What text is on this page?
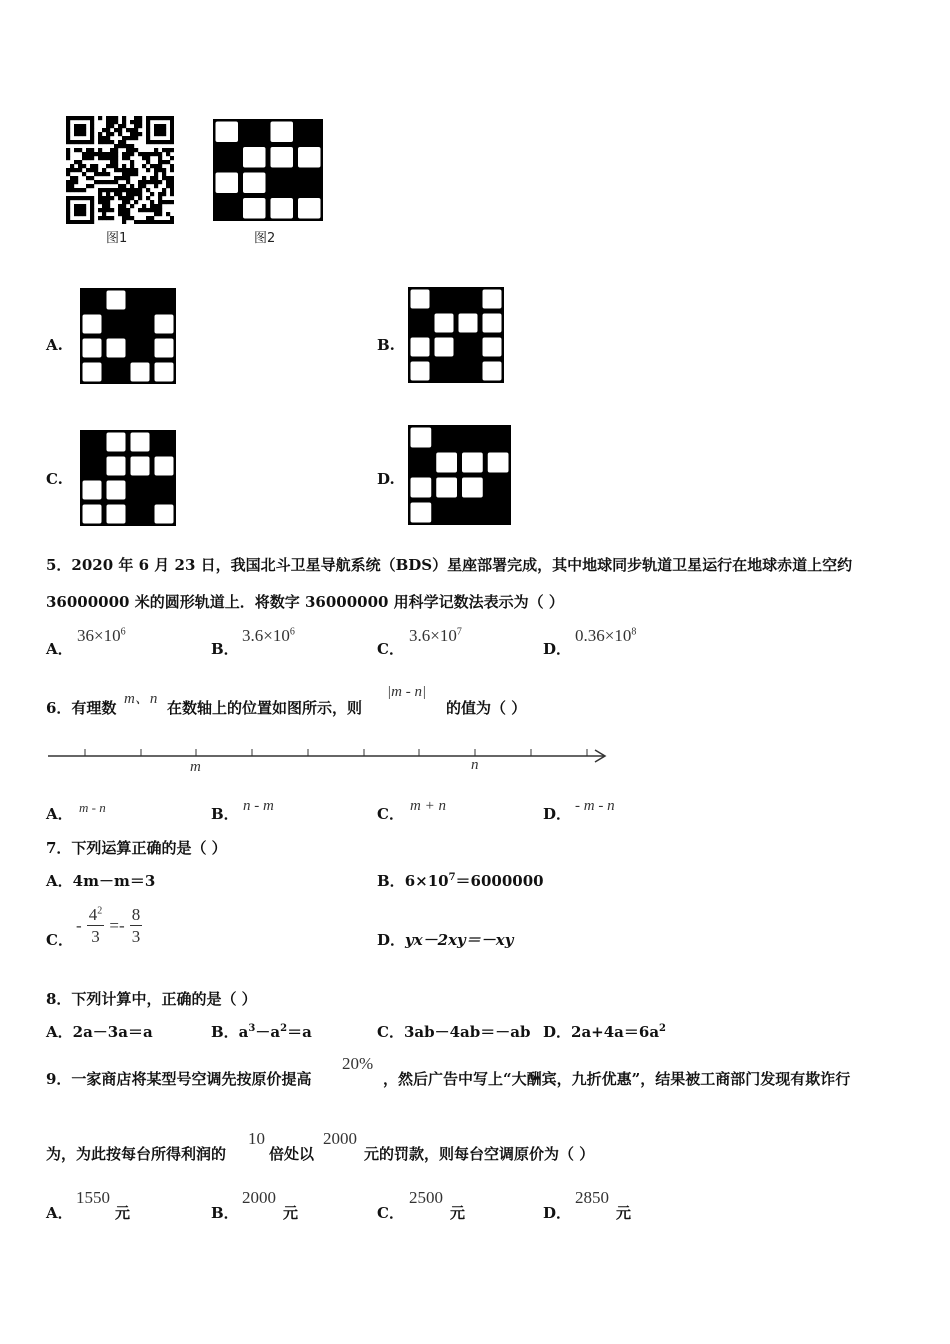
图1	图2
A.	B.
C.	D.
5．2020 年 6 月 23 日，我国北斗卫星导航系统（BDS）星座部署完成，其中地球同步轨道卫星运行在地球赤道上空约
36000000 米的圆形轨道上．将数字 36000000 用科学记数法表示为（ ）
A．
$36\times 10^6$
B．
$3.6\times 10^6$
C．
$3.6\times 10^7$
D．
$0.36\times 10^8$
6．有理数 m、n 在数轴上的位置如图所示，则
|m - n|
的值为（ ）
m	n
A． m - n	B． n - m	C． m + n	D． - m - n
7．下列运算正确的是（ ）
A．4m－m＝3	B．$6\times 10^7=6000000$
C．
- $\frac{4^2}{3} =- \frac{8}{3}$	D．yx－2xy＝－xy
8．下列计算中，正确的是（ ）
A．2a－3a＝a	B．$a^3-a^2=a$	C．3ab－4ab＝－ab D．$2a+4a=6a^2$
9．一家商店将某型号空调先按原价提高
20%
，然后广告中写上“大酬宾，九折优惠”，结果被工商部门发现有欺诈行
为，为此按每台所得利润的
10
倍处以
2000
元的罚款，则每台空调原价为（ ）
A．
1550
元	B．
2000
元	C．
2500
元	D．
2850
元
